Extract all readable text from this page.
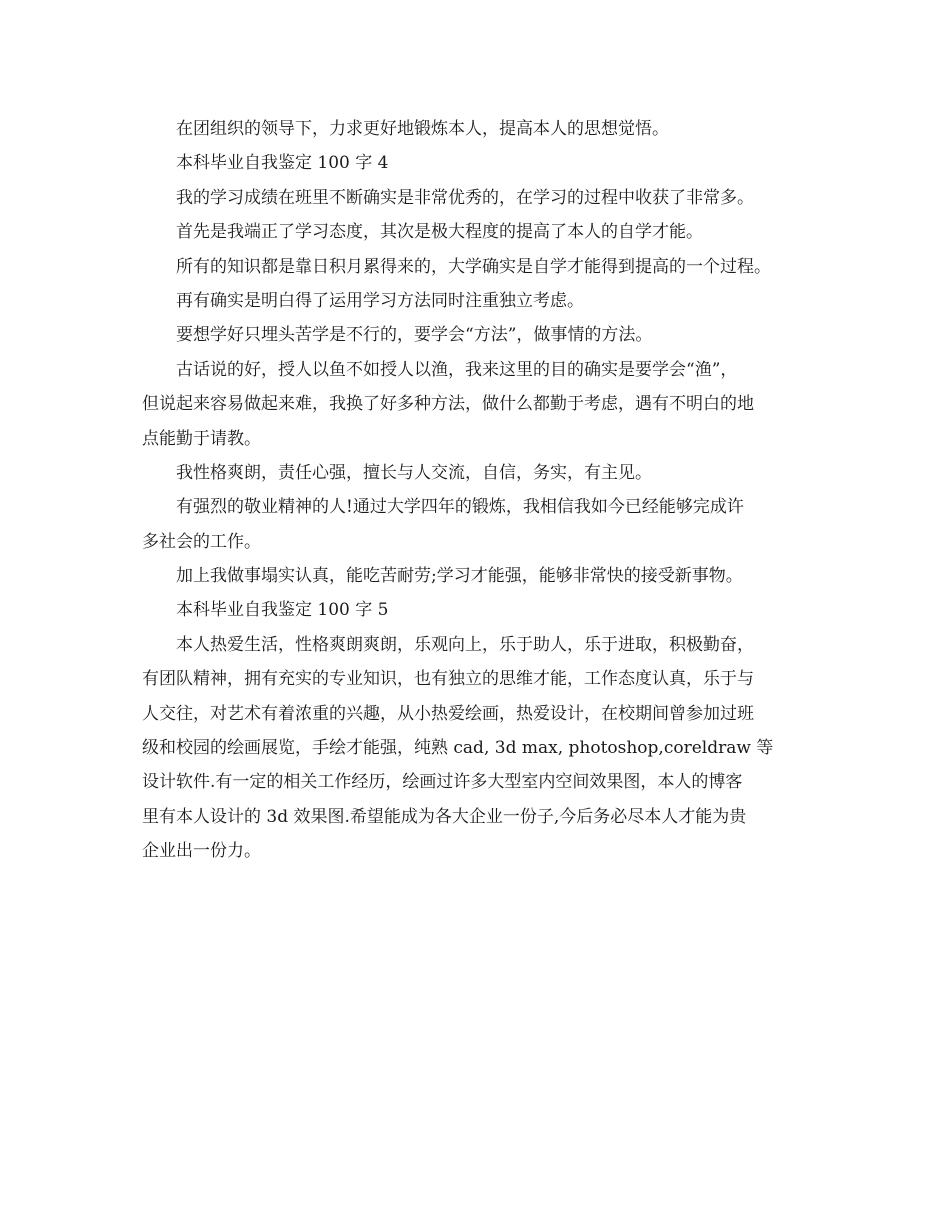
在团组织的领导下，力求更好地锻炼本人，提高本人的思想觉悟。

本科毕业自我鉴定 100 字 4

我的学习成绩在班里不断确实是非常优秀的，在学习的过程中收获了非常多。

首先是我端正了学习态度，其次是极大程度的提高了本人的自学才能。

所有的知识都是靠日积月累得来的，大学确实是自学才能得到提高的一个过程。

再有确实是明白得了运用学习方法同时注重独立考虑。

要想学好只埋头苦学是不行的，要学会“方法”，做事情的方法。

古话说的好，授人以鱼不如授人以渔，我来这里的目的确实是要学会“渔”，

但说起来容易做起来难，我换了好多种方法，做什么都勤于考虑，遇有不明白的地

点能勤于请教。

我性格爽朗，责任心强，擅长与人交流，自信，务实，有主见。

有强烈的敬业精神的人!通过大学四年的锻炼，我相信我如今已经能够完成许

多社会的工作。

加上我做事塌实认真，能吃苦耐劳;学习才能强，能够非常快的接受新事物。

本科毕业自我鉴定 100 字 5

本人热爱生活，性格爽朗爽朗，乐观向上，乐于助人，乐于进取，积极勤奋，

有团队精神，拥有充实的专业知识，也有独立的思维才能，工作态度认真，乐于与

人交往，对艺术有着浓重的兴趣，从小热爱绘画，热爱设计，在校期间曾参加过班

级和校园的绘画展览，手绘才能强，纯熟 cad, 3d max, photoshop,coreldraw 等

设计软件.有一定的相关工作经历，绘画过许多大型室内空间效果图，本人的博客

里有本人设计的 3d 效果图.希望能成为各大企业一份子,今后务必尽本人才能为贵

企业出一份力。
